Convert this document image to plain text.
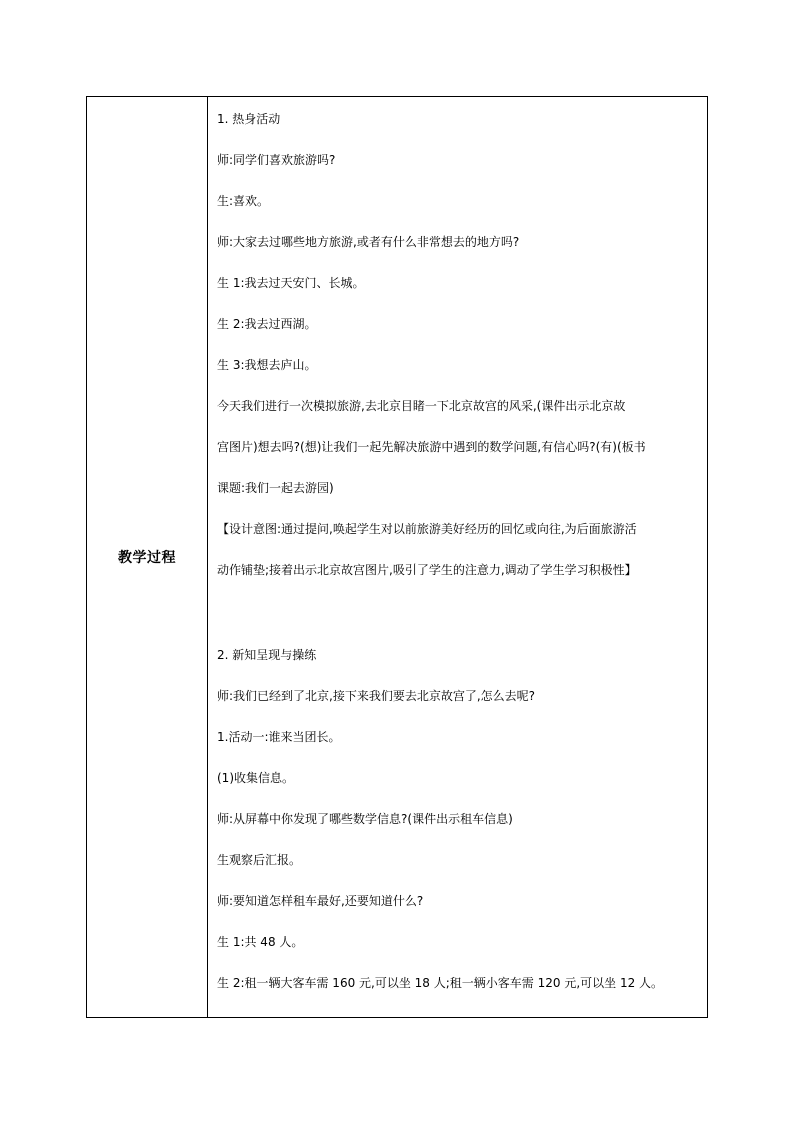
教学过程
1. 热身活动
师:同学们喜欢旅游吗?
生:喜欢。
师:大家去过哪些地方旅游,或者有什么非常想去的地方吗?
生 1:我去过天安门、长城。
生 2:我去过西湖。
生 3:我想去庐山。
今天我们进行一次模拟旅游,去北京目睹一下北京故宫的风采,(课件出示北京故
宫图片)想去吗?(想)让我们一起先解决旅游中遇到的数学问题,有信心吗?(有)(板书
课题:我们一起去游园)
【设计意图:通过提问,唤起学生对以前旅游美好经历的回忆或向往,为后面旅游活
动作铺垫;接着出示北京故宫图片,吸引了学生的注意力,调动了学生学习积极性】
2. 新知呈现与操练
师:我们已经到了北京,接下来我们要去北京故宫了,怎么去呢?
1.活动一:谁来当团长。
(1)收集信息。
师:从屏幕中你发现了哪些数学信息?(课件出示租车信息)
生观察后汇报。
师:要知道怎样租车最好,还要知道什么?
生 1:共 48 人。
生 2:租一辆大客车需 160 元,可以坐 18 人;租一辆小客车需 120 元,可以坐 12 人。
